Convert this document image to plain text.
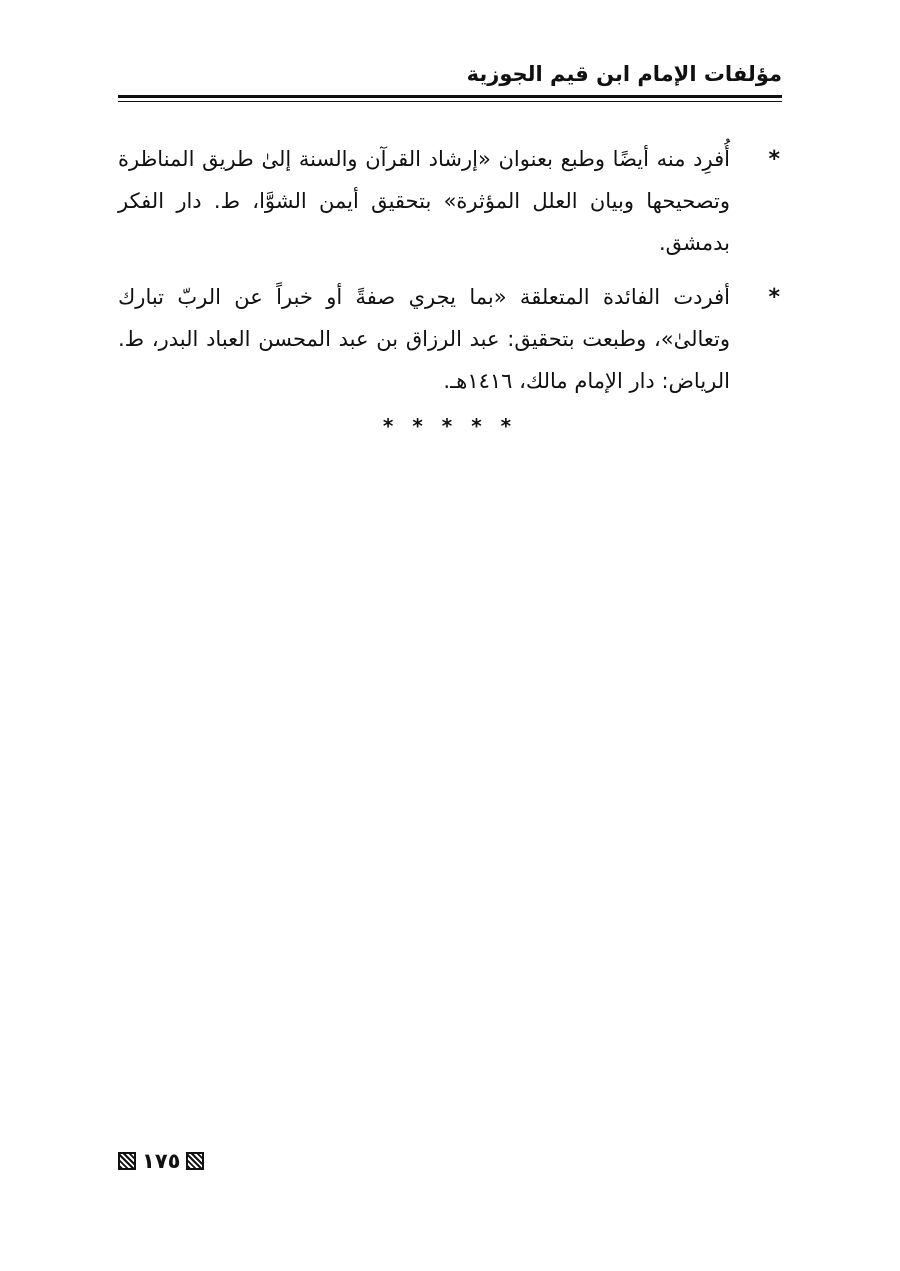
مؤلفات الإمام ابن قيم الجوزية
*
أُفرِد منه أيضًا وطبع بعنوان «إرشاد القرآن والسنة إلىٰ طريق المناظرة وتصحيحها وبيان العلل المؤثرة» بتحقيق أيمن الشوَّا، ط. دار الفكر بدمشق.
*
أفردت الفائدة المتعلقة «بما يجري صفةً أو خبراً عن الربّ تبارك وتعالىٰ»، وطبعت بتحقيق: عبد الرزاق بن عبد المحسن العباد البدر، ط. الرياض: دار الإمام مالك، ١٤١٦هـ.
* * * * *
١٧٥
